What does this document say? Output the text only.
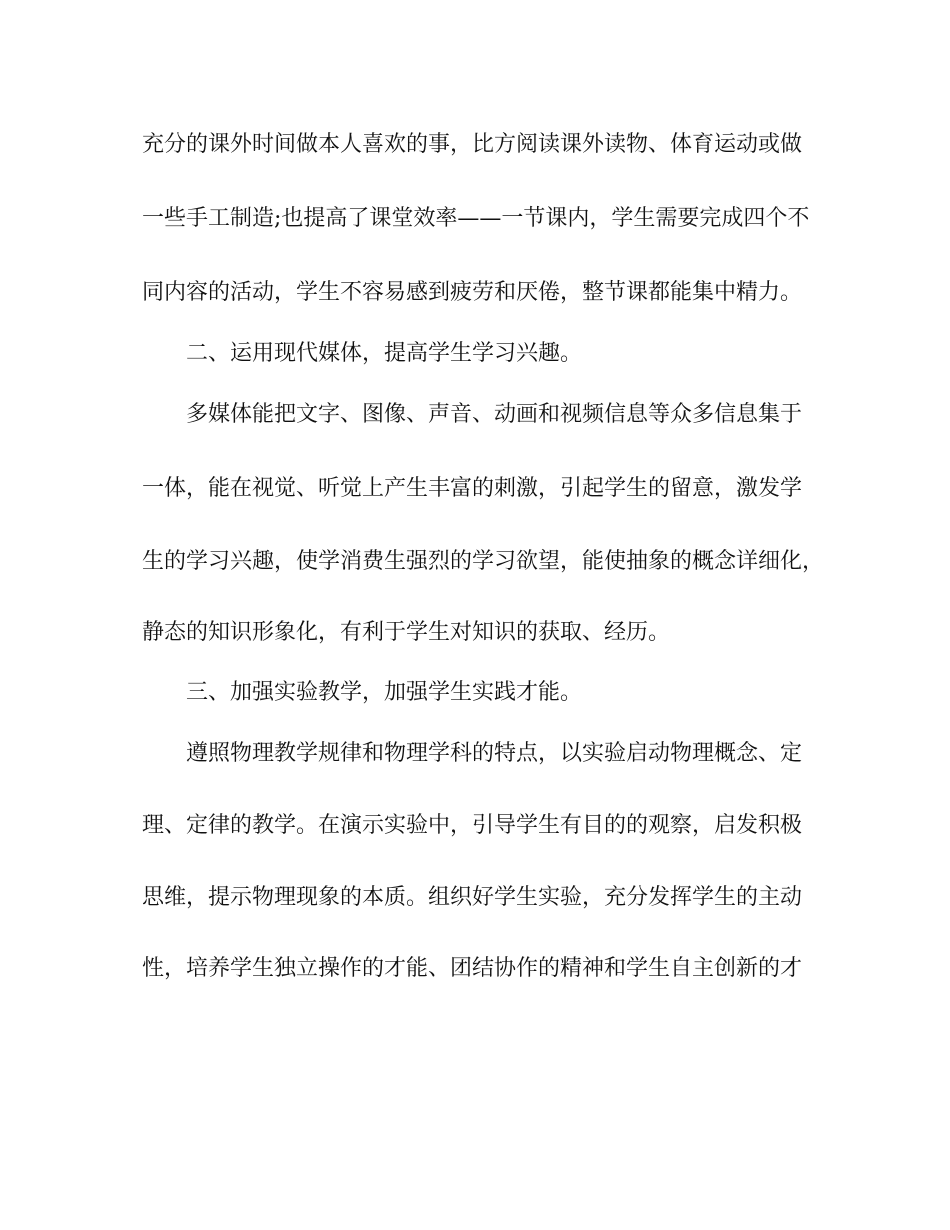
充分的课外时间做本人喜欢的事，比方阅读课外读物、体育运动或做
一些手工制造;也提高了课堂效率——一节课内，学生需要完成四个不
同内容的活动，学生不容易感到疲劳和厌倦，整节课都能集中精力。
二、运用现代媒体，提高学生学习兴趣。
多媒体能把文字、图像、声音、动画和视频信息等众多信息集于
一体，能在视觉、听觉上产生丰富的刺激，引起学生的留意，激发学
生的学习兴趣，使学消费生强烈的学习欲望，能使抽象的概念详细化，
静态的知识形象化，有利于学生对知识的获取、经历。
三、加强实验教学，加强学生实践才能。
遵照物理教学规律和物理学科的特点，以实验启动物理概念、定
理、定律的教学。在演示实验中，引导学生有目的的观察，启发积极
思维，提示物理现象的本质。组织好学生实验，充分发挥学生的主动
性，培养学生独立操作的才能、团结协作的精神和学生自主创新的才
